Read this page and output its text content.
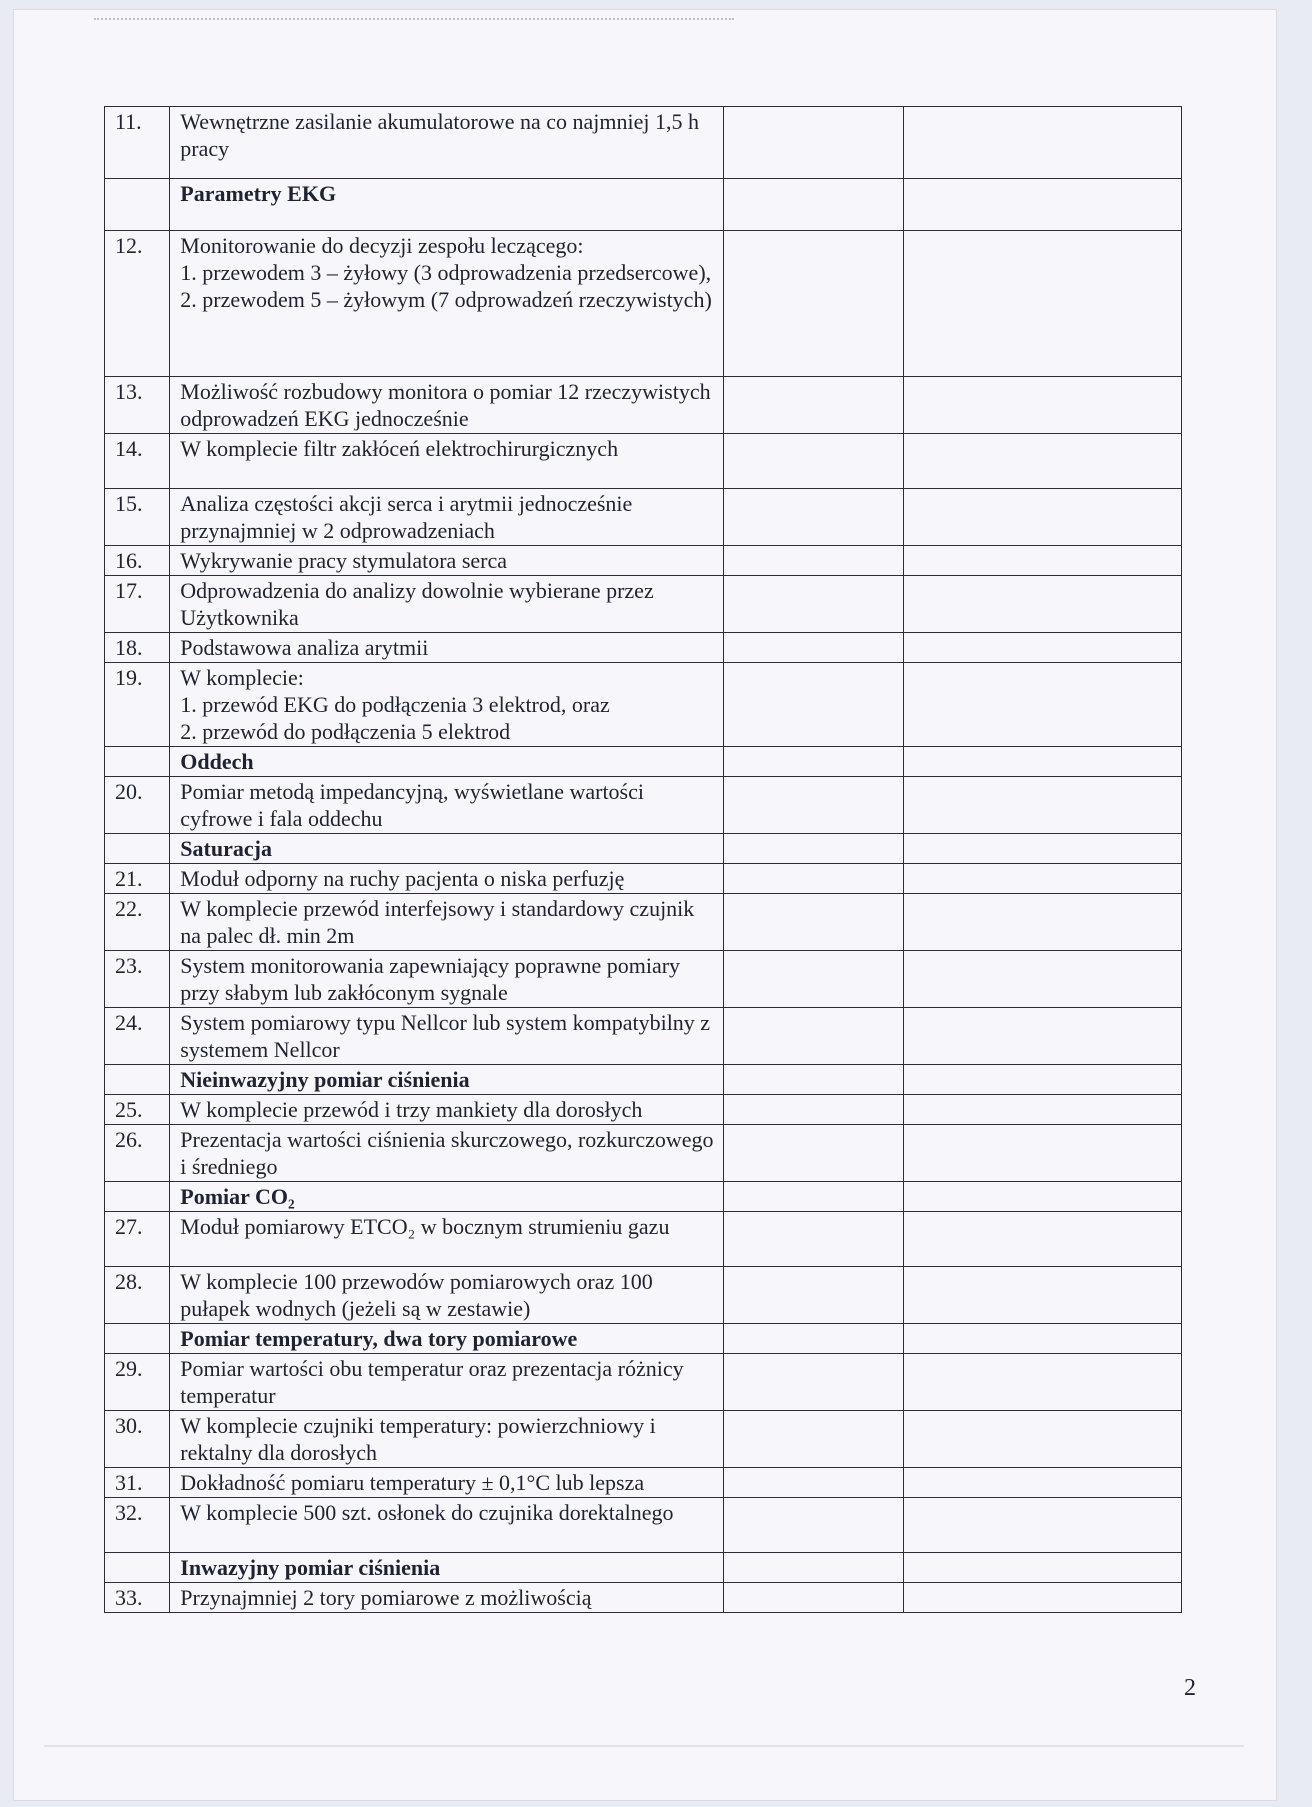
11.	Wewnętrzne zasilanie akumulatorowe na co najmniej 1,5 h pracy		
	Parametry EKG		
12.	Monitorowanie do decyzji zespołu leczącego:
1. przewodem 3 – żyłowy (3 odprowadzenia przedsercowe),
2. przewodem 5 – żyłowym (7 odprowadzeń rzeczywistych)		
13.	Możliwość rozbudowy monitora o pomiar 12 rzeczywistych odprowadzeń EKG jednocześnie		
14.	W komplecie filtr zakłóceń elektrochirurgicznych		
15.	Analiza częstości akcji serca i arytmii jednocześnie przynajmniej w 2 odprowadzeniach		
16.	Wykrywanie pracy stymulatora serca		
17.	Odprowadzenia do analizy dowolnie wybierane przez Użytkownika		
18.	Podstawowa analiza arytmii		
19.	W komplecie:
1. przewód EKG do podłączenia 3 elektrod, oraz
2. przewód do podłączenia 5 elektrod		
	Oddech		
20.	Pomiar metodą impedancyjną, wyświetlane wartości cyfrowe i fala oddechu		
	Saturacja		
21.	Moduł odporny na ruchy pacjenta o niska perfuzję		
22.	W komplecie przewód interfejsowy i standardowy czujnik na palec dł. min 2m		
23.	System monitorowania zapewniający poprawne pomiary przy słabym lub zakłóconym sygnale		
24.	System pomiarowy typu Nellcor lub system kompatybilny z systemem Nellcor		
	Nieinwazyjny pomiar ciśnienia		
25.	W komplecie przewód i trzy mankiety dla dorosłych		
26.	Prezentacja wartości ciśnienia skurczowego, rozkurczowego i średniego		
	Pomiar CO₂		
27.	Moduł pomiarowy ETCO₂ w bocznym strumieniu gazu		
28.	W komplecie 100 przewodów pomiarowych oraz 100 pułapek wodnych (jeżeli są w zestawie)		
	Pomiar temperatury, dwa tory pomiarowe		
29.	Pomiar wartości obu temperatur oraz prezentacja różnicy temperatur		
30.	W komplecie czujniki temperatury: powierzchniowy i rektalny dla dorosłych		
31.	Dokładność pomiaru temperatury ± 0,1°C lub lepsza		
32.	W komplecie 500 szt. osłonek do czujnika dorektalnego		
	Inwazyjny pomiar ciśnienia		
33.	Przynajmniej 2 tory pomiarowe z możliwością		
2
